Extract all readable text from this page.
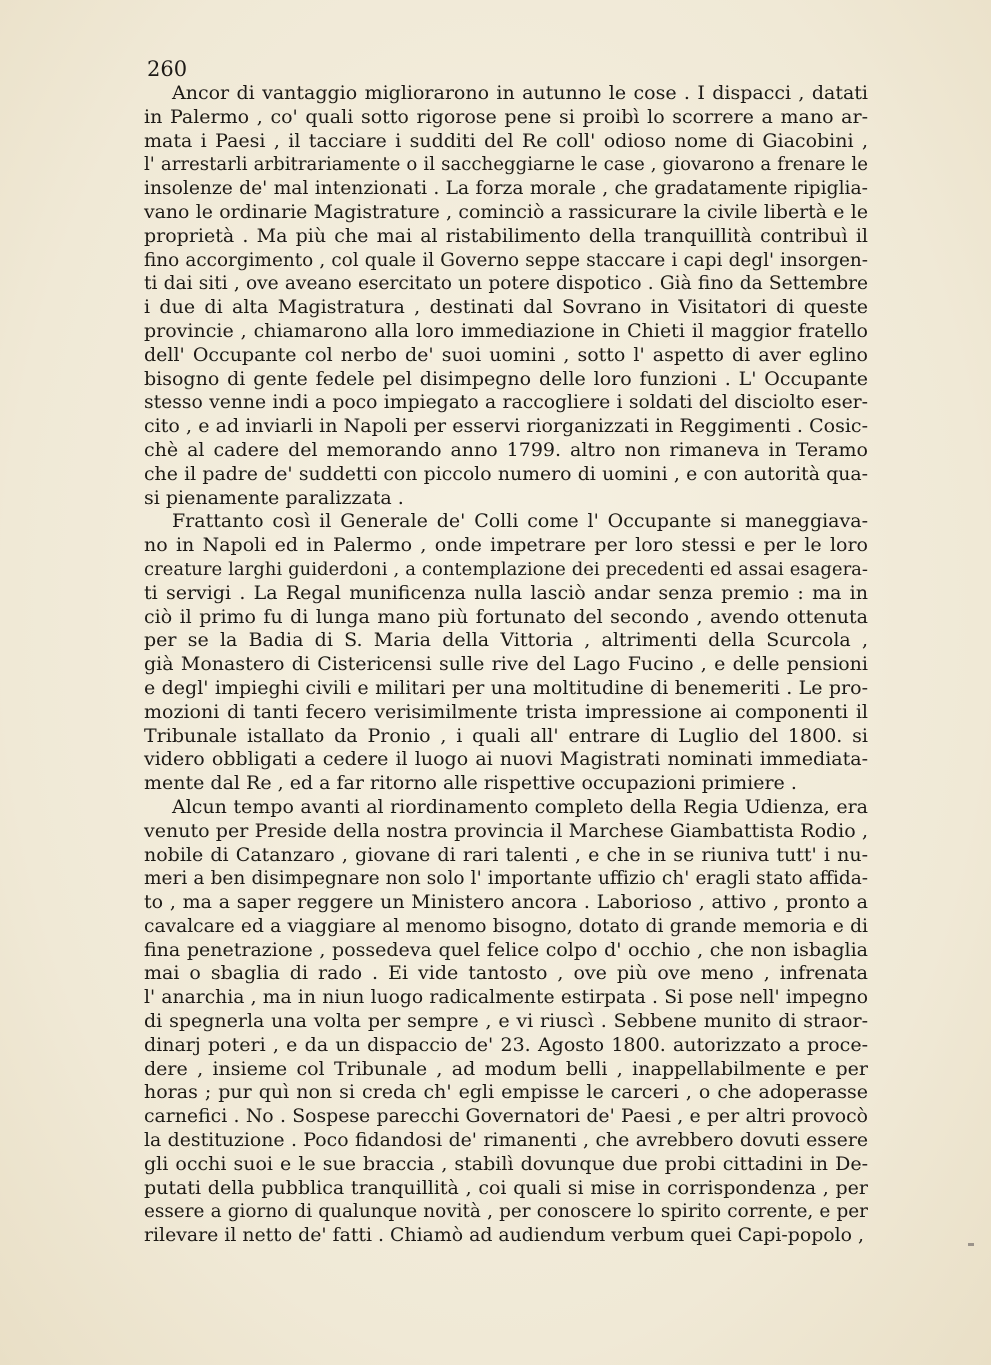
260
Ancor di vantaggio migliorarono in autunno le cose . I dispacci , datati
in Palermo , co' quali sotto rigorose pene si proibì lo scorrere a mano ar-
mata i Paesi , il tacciare i sudditi del Re coll' odioso nome di Giacobini ,
l' arrestarli arbitrariamente o il saccheggiarne le case , giovarono a frenare le
insolenze de' mal intenzionati . La forza morale , che gradatamente ripiglia-
vano le ordinarie Magistrature , cominciò a rassicurare la civile libertà e le
proprietà . Ma più che mai al ristabilimento della tranquillità contribuì il
fino accorgimento , col quale il Governo seppe staccare i capi degl' insorgen-
ti dai siti , ove aveano esercitato un potere dispotico . Già fino da Settembre
i due di alta Magistratura , destinati dal Sovrano in Visitatori di queste
provincie , chiamarono alla loro immediazione in Chieti il maggior fratello
dell' Occupante col nerbo de' suoi uomini , sotto l' aspetto di aver eglino
bisogno di gente fedele pel disimpegno delle loro funzioni . L' Occupante
stesso venne indi a poco impiegato a raccogliere i soldati del disciolto eser-
cito , e ad inviarli in Napoli per esservi riorganizzati in Reggimenti . Cosic-
chè al cadere del memorando anno 1799. altro non rimaneva in Teramo
che il padre de' suddetti con piccolo numero di uomini , e con autorità qua-
si pienamente paralizzata .
Frattanto così il Generale de' Colli come l' Occupante si maneggiava-
no in Napoli ed in Palermo , onde impetrare per loro stessi e per le loro
creature larghi guiderdoni , a contemplazione dei precedenti ed assai esagera-
ti servigi . La Regal munificenza nulla lasciò andar senza premio : ma in
ciò il primo fu di lunga mano più fortunato del secondo , avendo ottenuta
per se la Badia di S. Maria della Vittoria , altrimenti della Scurcola ,
già Monastero di Cistericensi sulle rive del Lago Fucino , e delle pensioni
e degl' impieghi civili e militari per una moltitudine di benemeriti . Le pro-
mozioni di tanti fecero verisimilmente trista impressione ai componenti il
Tribunale istallato da Pronio , i quali all' entrare di Luglio del 1800. si
videro obbligati a cedere il luogo ai nuovi Magistrati nominati immediata-
mente dal Re , ed a far ritorno alle rispettive occupazioni primiere .
Alcun tempo avanti al riordinamento completo della Regia Udienza, era
venuto per Preside della nostra provincia il Marchese Giambattista Rodio ,
nobile di Catanzaro , giovane di rari talenti , e che in se riuniva tutt' i nu-
meri a ben disimpegnare non solo l' importante uffizio ch' eragli stato affida-
to , ma a saper reggere un Ministero ancora . Laborioso , attivo , pronto a
cavalcare ed a viaggiare al menomo bisogno, dotato di grande memoria e di
fina penetrazione , possedeva quel felice colpo d' occhio , che non isbaglia
mai o sbaglia di rado . Ei vide tantosto , ove più ove meno , infrenata
l' anarchia , ma in niun luogo radicalmente estirpata . Si pose nell' impegno
di spegnerla una volta per sempre , e vi riuscì . Sebbene munito di straor-
dinarj poteri , e da un dispaccio de' 23. Agosto 1800. autorizzato a proce-
dere , insieme col Tribunale , ad modum belli , inappellabilmente e per
horas ; pur quì non si creda ch' egli empisse le carceri , o che adoperasse
carnefici . No . Sospese parecchi Governatori de' Paesi , e per altri provocò
la destituzione . Poco fidandosi de' rimanenti , che avrebbero dovuti essere
gli occhi suoi e le sue braccia , stabilì dovunque due probi cittadini in De-
putati della pubblica tranquillità , coi quali si mise in corrispondenza , per
essere a giorno di qualunque novità , per conoscere lo spirito corrente, e per
rilevare il netto de' fatti . Chiamò ad audiendum verbum quei Capi-popolo ,
